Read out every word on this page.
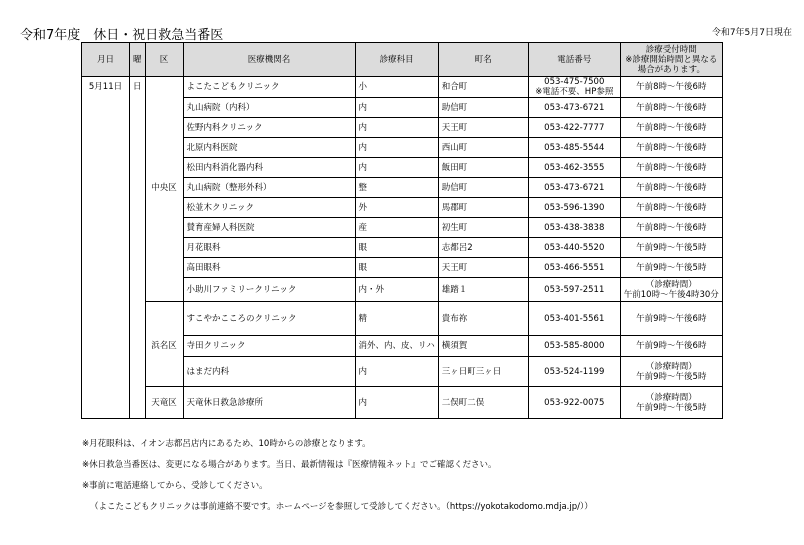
令和7年度　休日・祝日救急当番医	令和7年5月7日現在
月日	曜	区	医療機関名	診療科目	町名	電話番号	診療受付時間
※診療開始時間と異なる
場合があります。

5月11日	日		よこたこどもクリニック	小	和合町	053-475-7500
※電話不要、HP参照	午前8時～午後6時
			丸山病院（内科）	内	助信町	053-473-6721	午前8時～午後6時
			佐野内科クリニック	内	天王町	053-422-7777	午前8時～午後6時
			北原内科医院	内	西山町	053-485-5544	午前8時～午後6時
			松田内科消化器内科	内	飯田町	053-462-3555	午前8時～午後6時
		中央区	丸山病院（整形外科）	整	助信町	053-473-6721	午前8時～午後6時
			松並木クリニック	外	馬郡町	053-596-1390	午前8時～午後6時
			賛育産婦人科医院	産	初生町	053-438-3838	午前8時～午後6時
			月花眼科	眼	志都呂2	053-440-5520	午前9時～午後5時
			高田眼科	眼	天王町	053-466-5551	午前9時～午後5時
			小助川ファミリークリニック	内・外	雄踏１	053-597-2511	（診療時間）
午前10時～午後4時30分

			すこやかこころのクリニック	精	貴布祢	053-401-5561	午前9時～午後6時
		浜名区	寺田クリニック	消外、内、皮、リハ	横須賀	053-585-8000	午前9時～午後6時
			はまだ内科	内	三ヶ日町三ヶ日	053-524-1199	（診療時間）
午前9時～午後5時

		天竜区	天竜休日救急診療所	内	二俣町二俣	053-922-0075	（診療時間）
午前9時～午後5時
※月花眼科は、イオン志都呂店内にあるため、10時からの診療となります。
※休日救急当番医は、変更になる場合があります。当日、最新情報は『医療情報ネット』でご確認ください。
※事前に電話連絡してから、受診してください。
（よこたこどもクリニックは事前連絡不要です。ホームページを参照して受診してください。（https://yokotakodomo.mdja.jp/））
